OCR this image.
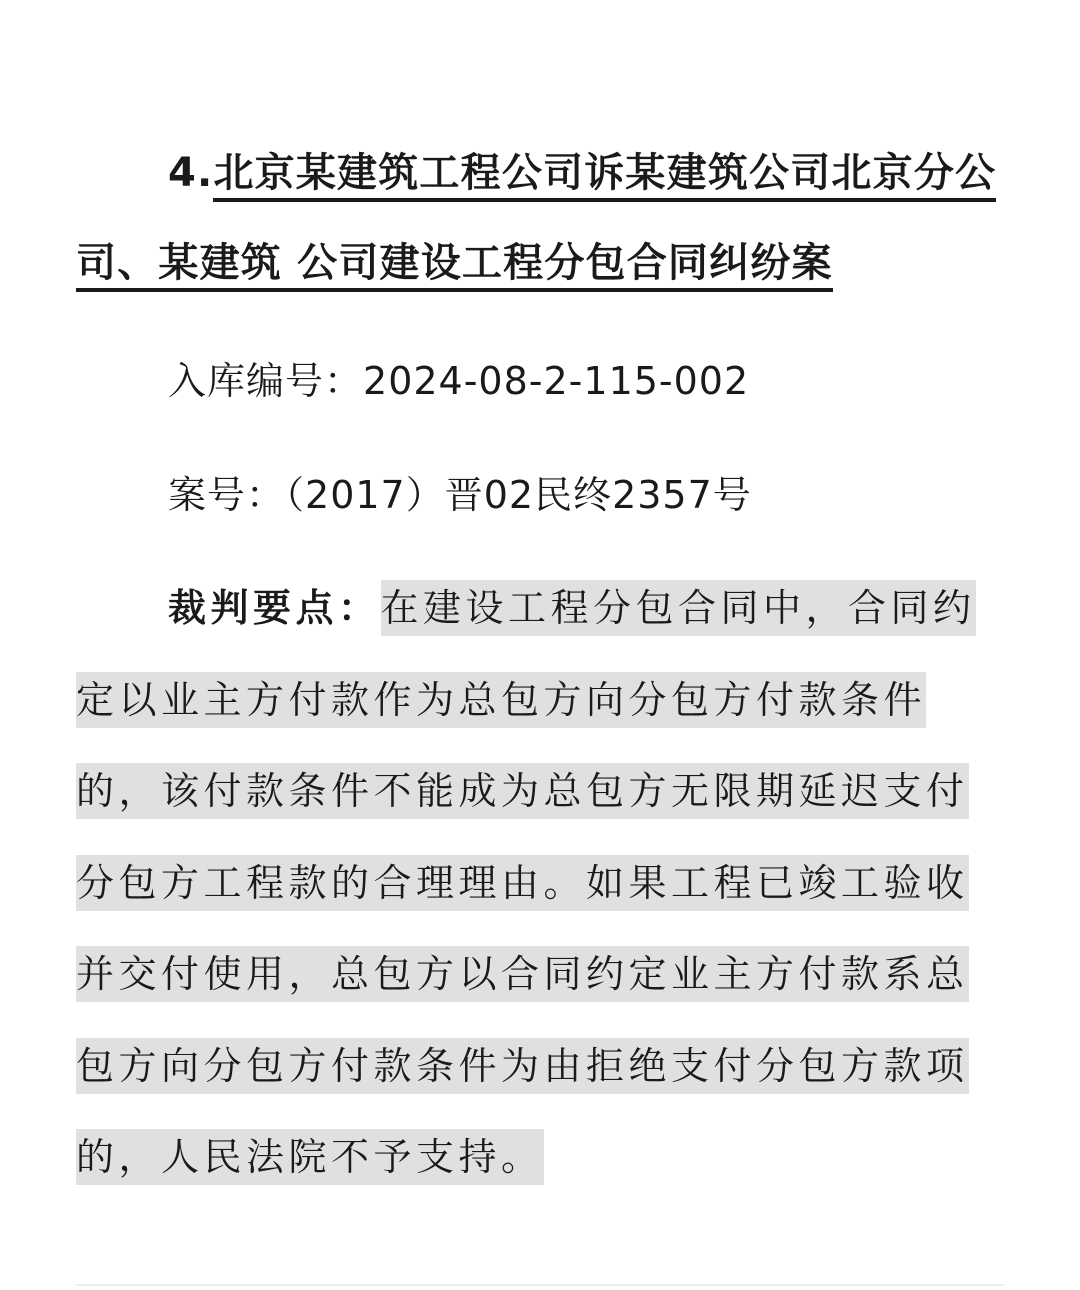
4.北京某建筑工程公司诉某建筑公司北京分公司、某建筑 公司建设工程分包合同纠纷案
入库编号：2024-08-2-115-002
案号：（2017）晋02民终2357号
裁判要点：在建设工程分包合同中，合同约定以业主方付款作为总包方向分包方付款条件的，该付款条件不能成为总包方无限期延迟支付分包方工程款的合理理由。如果工程已竣工验收并交付使用，总包方以合同约定业主方付款系总包方向分包方付款条件为由拒绝支付分包方款项的，人民法院不予支持。
